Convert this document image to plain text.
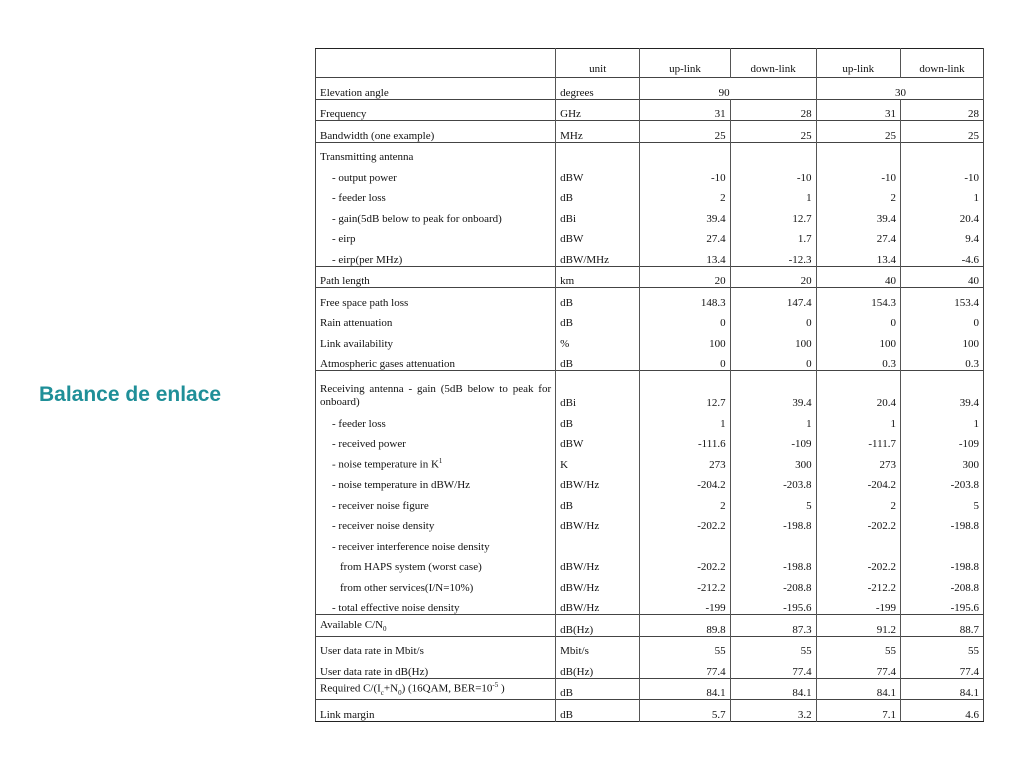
Balance de enlace
	unit	up-link	down-link	up-link	down-link
Elevation angle	degrees	90		30	
Frequency	GHz	31	28	31	28
Bandwidth (one example)	MHz	25	25	25	25
Transmitting antenna					
- output power	dBW	-10	-10	-10	-10
- feeder loss	dB	2	1	2	1
- gain(5dB below to peak for onboard)	dBi	39.4	12.7	39.4	20.4
- eirp	dBW	27.4	1.7	27.4	9.4
- eirp(per MHz)	dBW/MHz	13.4	-12.3	13.4	-4.6
Path length	km	20	20	40	40
Free space path loss	dB	148.3	147.4	154.3	153.4
Rain attenuation	dB	0	0	0	0
Link availability	%	100	100	100	100
Atmospheric gases attenuation	dB	0	0	0.3	0.3
Receiving antenna - gain (5dB below to peak for onboard)	dBi	12.7	39.4	20.4	39.4
- feeder loss	dB	1	1	1	1
- received power	dBW	-111.6	-109	-111.7	-109
- noise temperature in $K^1$	K	273	300	273	300
- noise temperature in dBW/Hz	dBW/Hz	-204.2	-203.8	-204.2	-203.8
- receiver noise figure	dB	2	5	2	5
- receiver noise density	dBW/Hz	-202.2	-198.8	-202.2	-198.8
- receiver interference noise density					
from HAPS system (worst case)	dBW/Hz	-202.2	-198.8	-202.2	-198.8
from other services(I/N=10%)	dBW/Hz	-212.2	-208.8	-212.2	-208.8
- total effective noise density	dBW/Hz	-199	-195.6	-199	-195.6
Available $C/N_0$	dB(Hz)	89.8	87.3	91.2	88.7
User data rate in Mbit/s	Mbit/s	55	55	55	55
User data rate in dB(Hz)	dB(Hz)	77.4	77.4	77.4	77.4
Required $C/(I_c+N_0)$ (16QAM, $BER=10^{-5}$ )	dB	84.1	84.1	84.1	84.1
Link margin	dB	5.7	3.2	7.1	4.6
